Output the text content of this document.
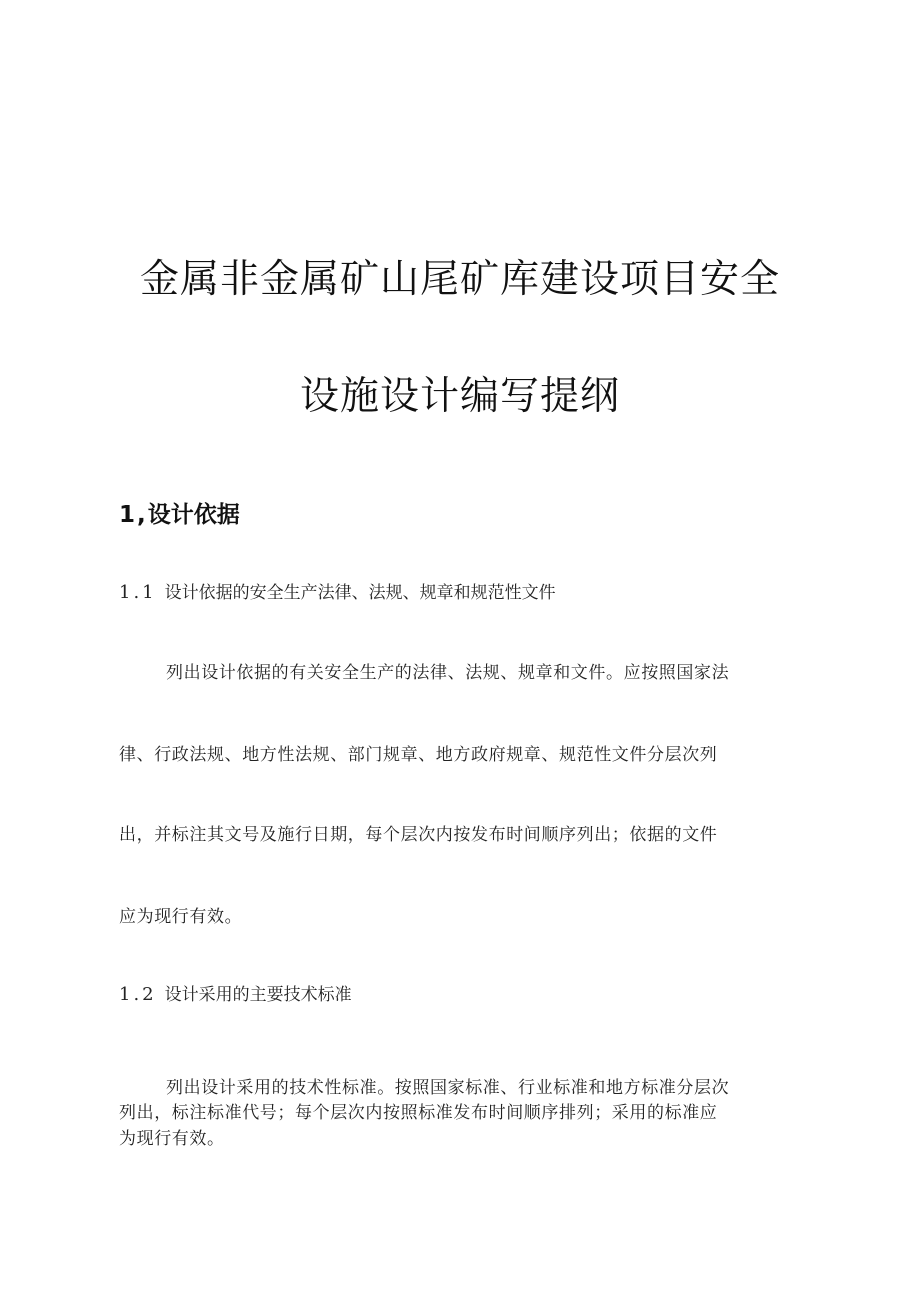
金属非金属矿山尾矿库建设项目安全
设施设计编写提纲
1,设计依据
1.1 设计依据的安全生产法律、法规、规章和规范性文件
列出设计依据的有关安全生产的法律、法规、规章和文件。应按照国家法
律、行政法规、地方性法规、部门规章、地方政府规章、规范性文件分层次列
出，并标注其文号及施行日期，每个层次内按发布时间顺序列出；依据的文件
应为现行有效。
1.2 设计采用的主要技术标准
列出设计采用的技术性标准。按照国家标准、行业标准和地方标准分层次
列出，标注标准代号；每个层次内按照标准发布时间顺序排列；采用的标准应
为现行有效。
